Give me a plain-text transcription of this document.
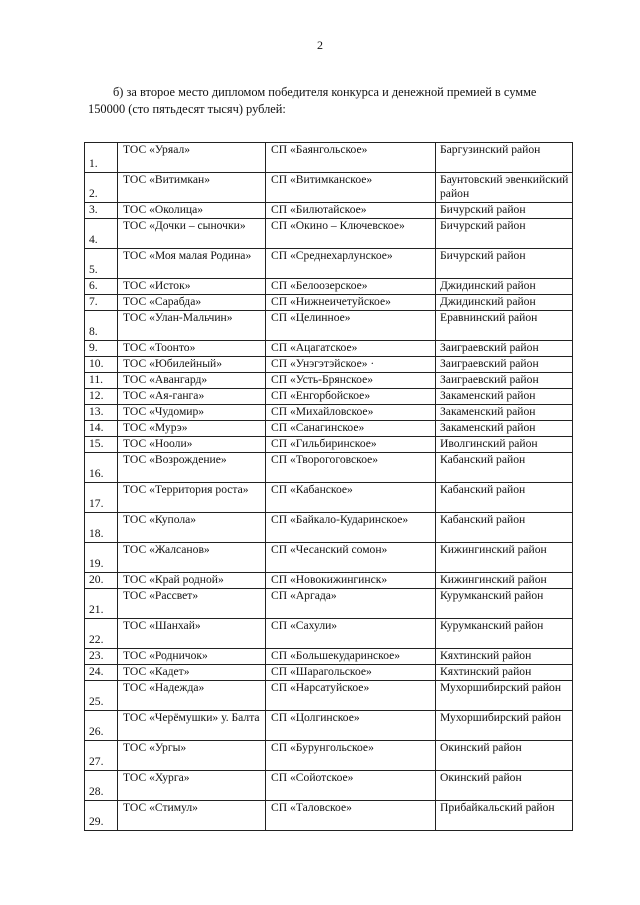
2
б) за второе место дипломом победителя конкурса и денежной премией в сумме
150000 (сто пятьдесят тысяч) рублей:
1.	ТОС «Уряал»	СП «Баянгольское»	Баргузинский район
2.	ТОС «Витимкан»	СП «Витимканское»	Баунтовский эвенкийский район
3.	ТОС «Околица»	СП «Билютайское»	Бичурский район
4.	ТОС «Дочки – сыночки»	СП «Окино – Ключевское»	Бичурский район
5.	ТОС «Моя малая Родина»	СП «Среднехарлунское»	Бичурский район
6.	ТОС «Исток»	СП «Белоозерское»	Джидинский район
7.	ТОС «Сарабда»	СП «Нижнеичетуйское»	Джидинский район
8.	ТОС «Улан-Мальчин»	СП «Целинное»	Еравнинский район
9.	ТОС «Тоонто»	СП «Ацагатское»	Заиграевский район
10.	ТОС «Юбилейный»	СП «Унэгэтэйское» ·	Заиграевский район
11.	ТОС «Авангард»	СП «Усть-Брянское»	Заиграевский район
12.	ТОС «Ая-ганга»	СП «Енгорбойское»	Закаменский район
13.	ТОС «Чудомир»	СП «Михайловское»	Закаменский район
14.	ТОС «Мурэ»	СП «Санагинское»	Закаменский район
15.	ТОС «Нооли»	СП «Гильбиринское»	Иволгинский район
16.	ТОС «Возрождение»	СП «Творогоговское»	Кабанский район
17.	ТОС «Территория роста»	СП «Кабанское»	Кабанский район
18.	ТОС «Купола»	СП «Байкало-Кударинское»	Кабанский район
19.	ТОС «Жалсанов»	СП «Чесанский сомон»	Кижингинский район
20.	ТОС «Край родной»	СП «Новокижингинск»	Кижингинский район
21.	ТОС «Рассвет»	СП «Аргада»	Курумканский район
22.	ТОС «Шанхай»	СП «Сахули»	Курумканский район
23.	ТОС «Родничок»	СП «Большекударинское»	Кяхтинский район
24.	ТОС «Кадет»	СП «Шарагольское»	Кяхтинский район
25.	ТОС «Надежда»	СП «Нарсатуйское»	Мухоршибирский район
26.	ТОС «Черёмушки» у. Балта	СП «Цолгинское»	Мухоршибирский район
27.	ТОС «Ургы»	СП «Бурунгольское»	Окинский район
28.	ТОС «Хурга»	СП «Сойотское»	Окинский район
29.	ТОС «Стимул»	СП «Таловское»	Прибайкальский район
